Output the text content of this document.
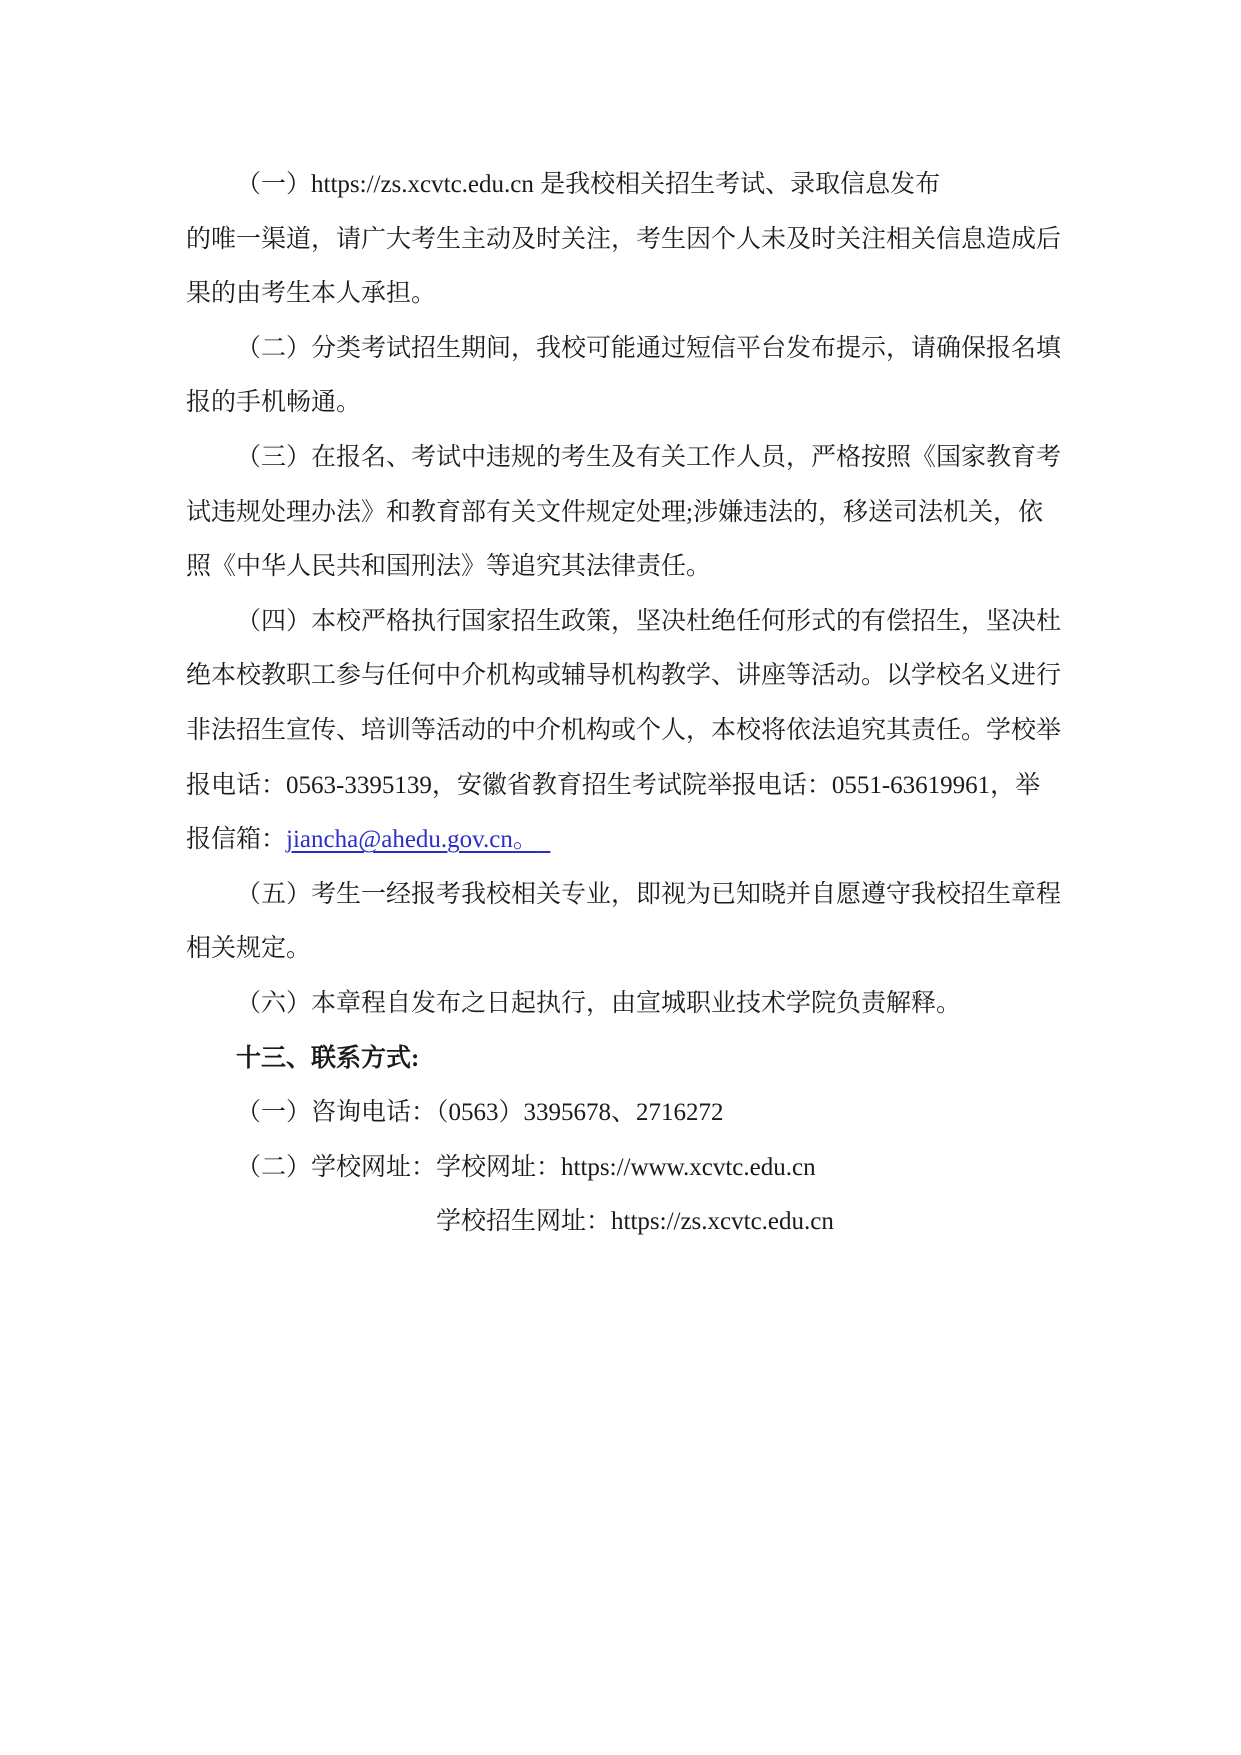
（一）https://zs.xcvtc.edu.cn 是我校相关招生考试、录取信息发布
的唯一渠道，请广大考生主动及时关注，考生因个人未及时关注相关信息造成后
果的由考生本人承担。
（二）分类考试招生期间，我校可能通过短信平台发布提示，请确保报名填
报的手机畅通。
（三）在报名、考试中违规的考生及有关工作人员，严格按照《国家教育考
试违规处理办法》和教育部有关文件规定处理;涉嫌违法的，移送司法机关，依
照《中华人民共和国刑法》等追究其法律责任。
（四）本校严格执行国家招生政策，坚决杜绝任何形式的有偿招生，坚决杜
绝本校教职工参与任何中介机构或辅导机构教学、讲座等活动。以学校名义进行
非法招生宣传、培训等活动的中介机构或个人，本校将依法追究其责任。学校举
报电话：0563-3395139，安徽省教育招生考试院举报电话：0551-63619961，举
报信箱：jiancha@ahedu.gov.cn。
（五）考生一经报考我校相关专业，即视为已知晓并自愿遵守我校招生章程
相关规定。
（六）本章程自发布之日起执行，由宣城职业技术学院负责解释。
十三、联系方式:
（一）咨询电话：（0563）3395678、2716272
（二）学校网址：学校网址：https://www.xcvtc.edu.cn
学校招生网址：https://zs.xcvtc.edu.cn
